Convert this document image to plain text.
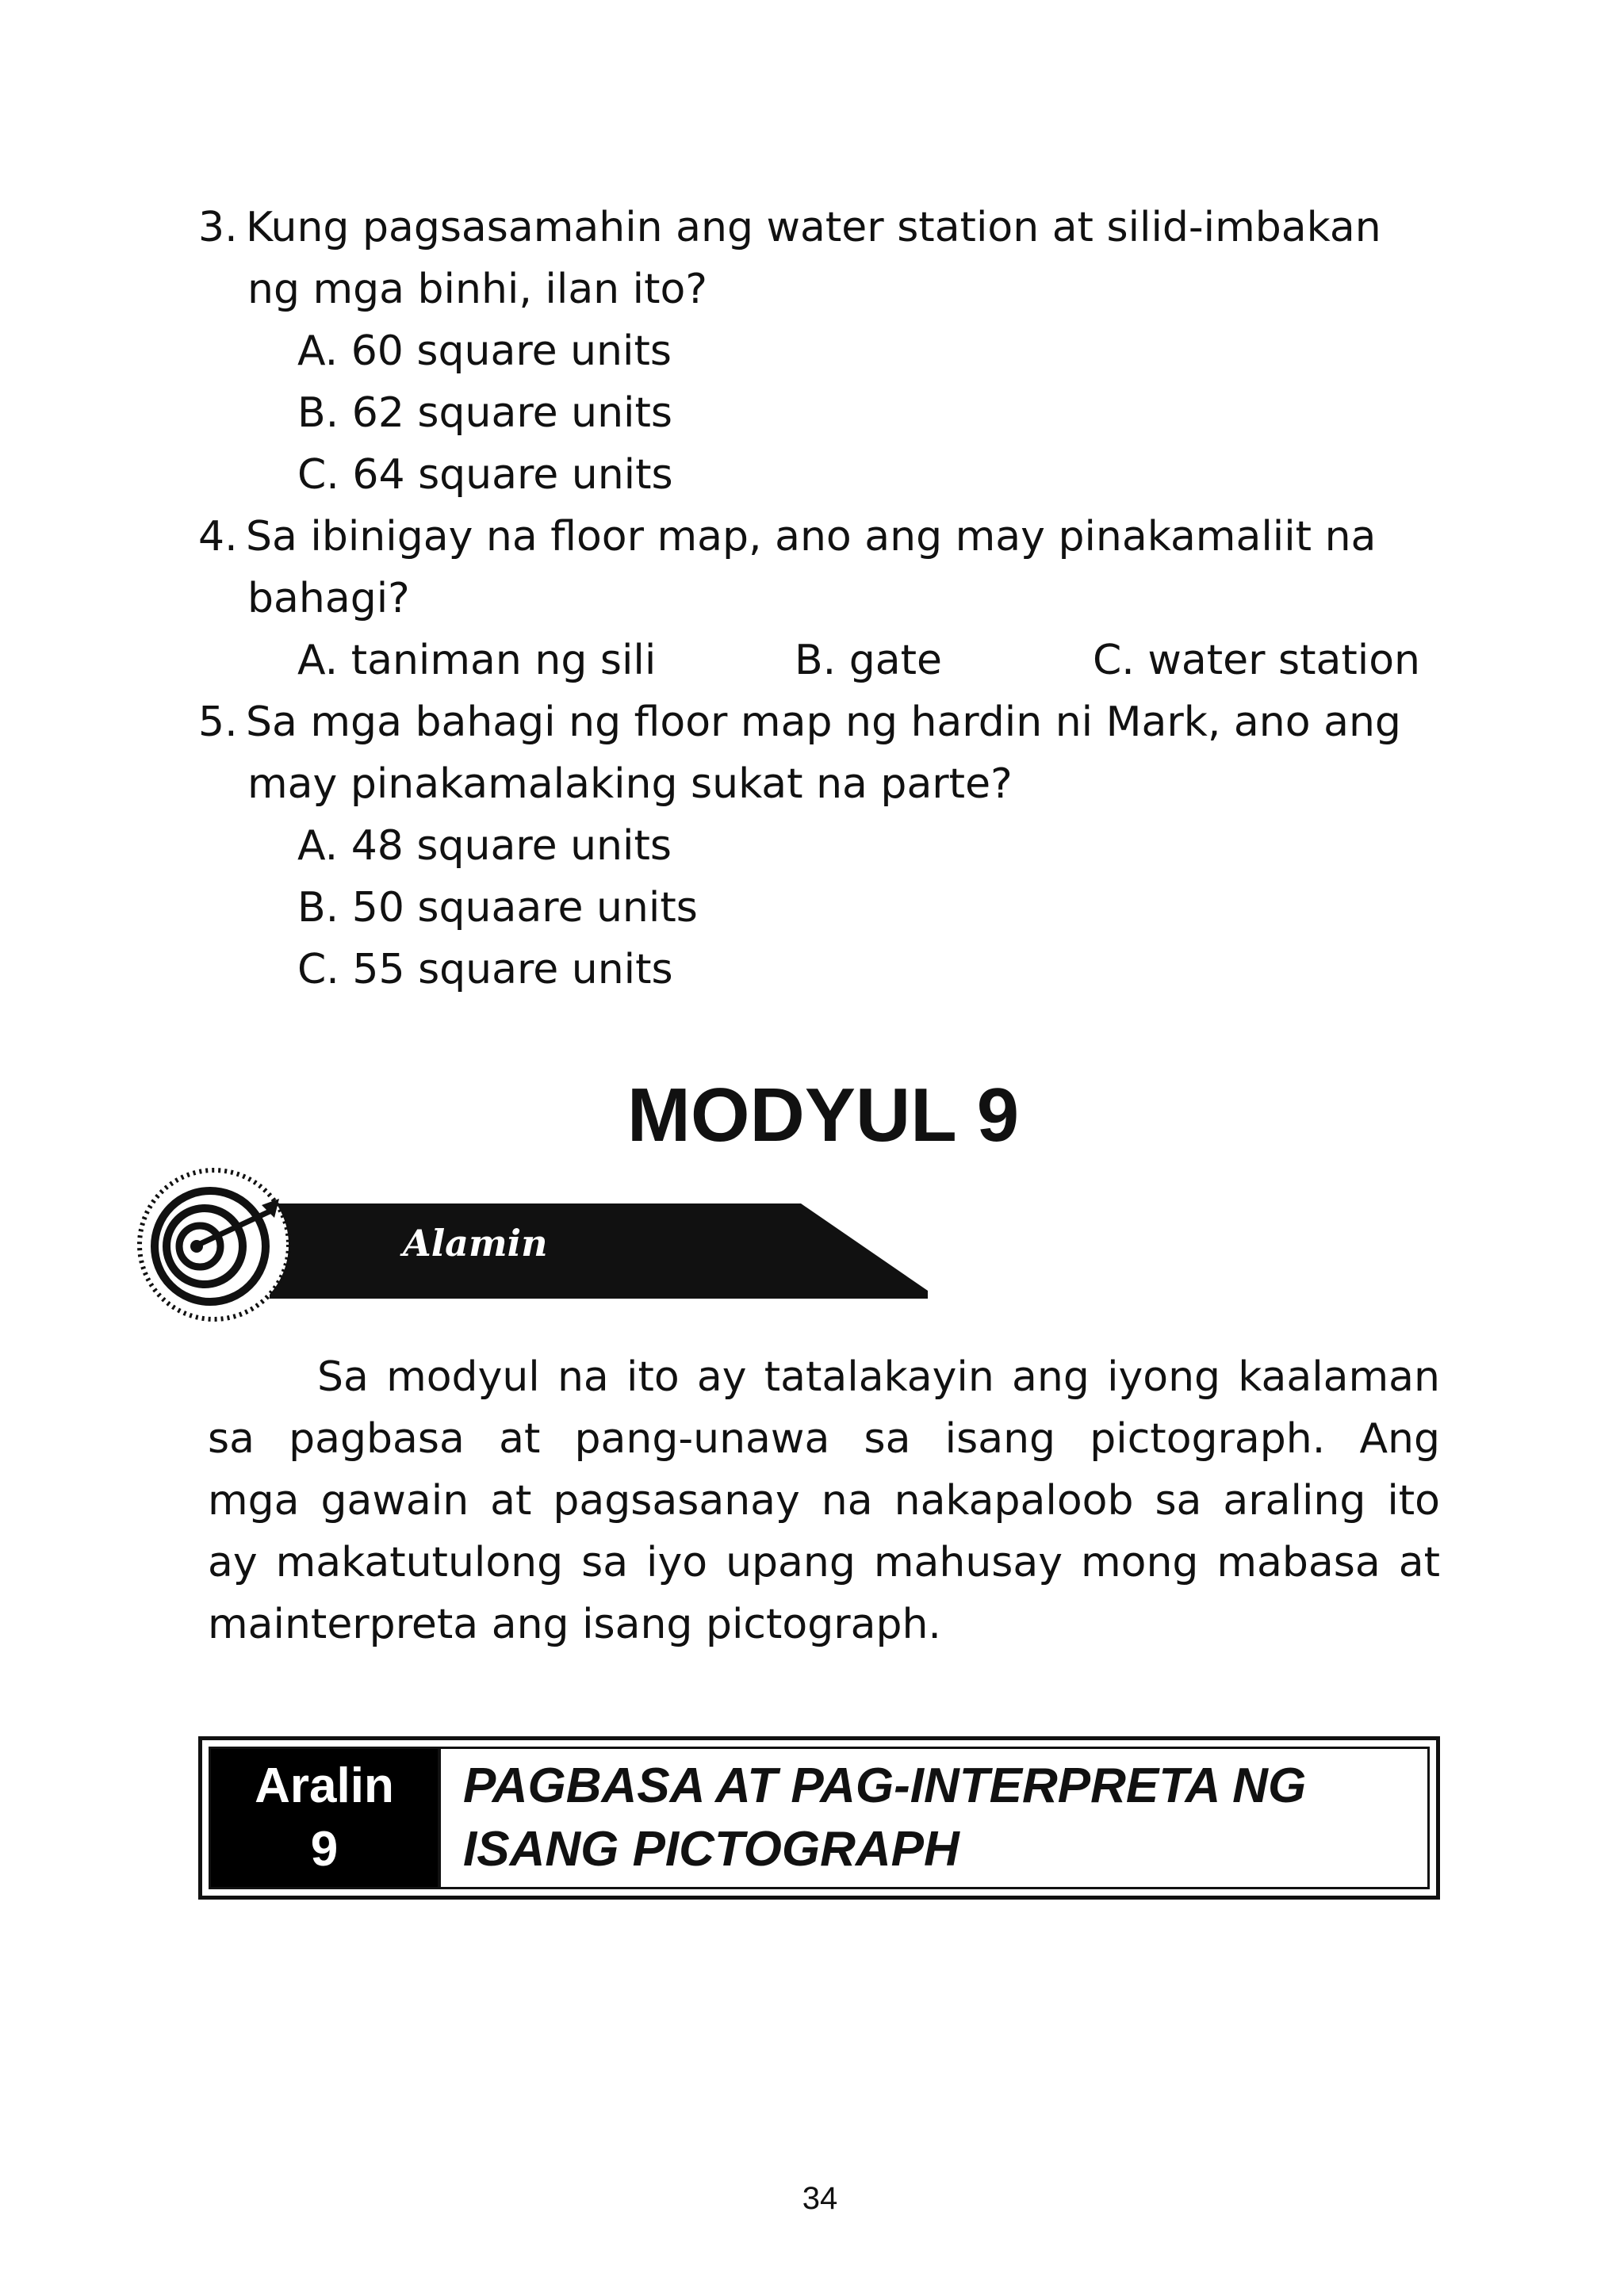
3. Kung pagsasamahin ang water station at silid-imbakan
ng mga binhi, ilan ito?
A. 60 square units
B. 62 square units
C. 64 square units
4. Sa ibinigay na floor map, ano ang may pinakamaliit na
bahagi?
A. taniman ng sili	B. gate	C. water station
5. Sa mga bahagi ng floor map ng hardin ni Mark, ano ang
may pinakamalaking sukat na parte?
A. 48 square units
B. 50 squaare units
C. 55 square units
MODYUL 9
Alamin
Sa modyul na ito ay tatalakayin ang iyong kaalaman
sa pagbasa at pang-unawa sa isang pictograph. Ang
mga gawain at pagsasanay na nakapaloob sa araling ito
ay makatutulong sa iyo upang mahusay mong mabasa at
mainterpreta ang isang pictograph.
Aralin
9
PAGBASA AT PAG-INTERPRETA NG
ISANG PICTOGRAPH
34
